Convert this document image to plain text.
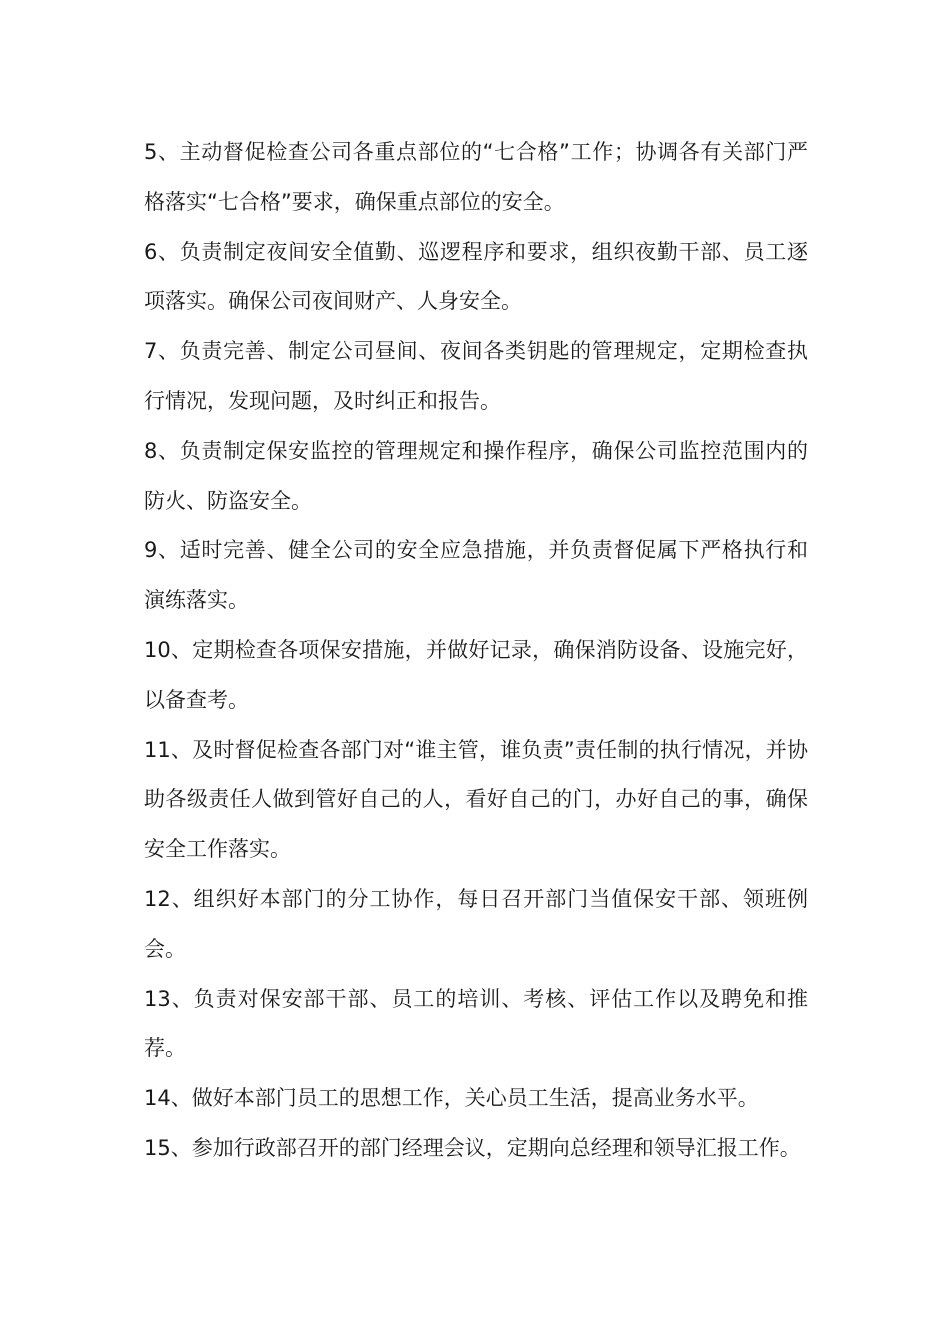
5、主动督促检查公司各重点部位的“七合格”工作；协调各有关部门严格落实“七合格”要求，确保重点部位的安全。

6、负责制定夜间安全值勤、巡逻程序和要求，组织夜勤干部、员工逐项落实。确保公司夜间财产、人身安全。

7、负责完善、制定公司昼间、夜间各类钥匙的管理规定，定期检查执行情况，发现问题，及时纠正和报告。

8、负责制定保安监控的管理规定和操作程序，确保公司监控范围内的防火、防盗安全。

9、适时完善、健全公司的安全应急措施，并负责督促属下严格执行和演练落实。

10、定期检查各项保安措施，并做好记录，确保消防设备、设施完好，以备查考。

11、及时督促检查各部门对“谁主管，谁负责”责任制的执行情况，并协助各级责任人做到管好自己的人，看好自己的门，办好自己的事，确保安全工作落实。

12、组织好本部门的分工协作，每日召开部门当值保安干部、领班例会。

13、负责对保安部干部、员工的培训、考核、评估工作以及聘免和推荐。

14、做好本部门员工的思想工作，关心员工生活，提高业务水平。

15、参加行政部召开的部门经理会议，定期向总经理和领导汇报工作。
